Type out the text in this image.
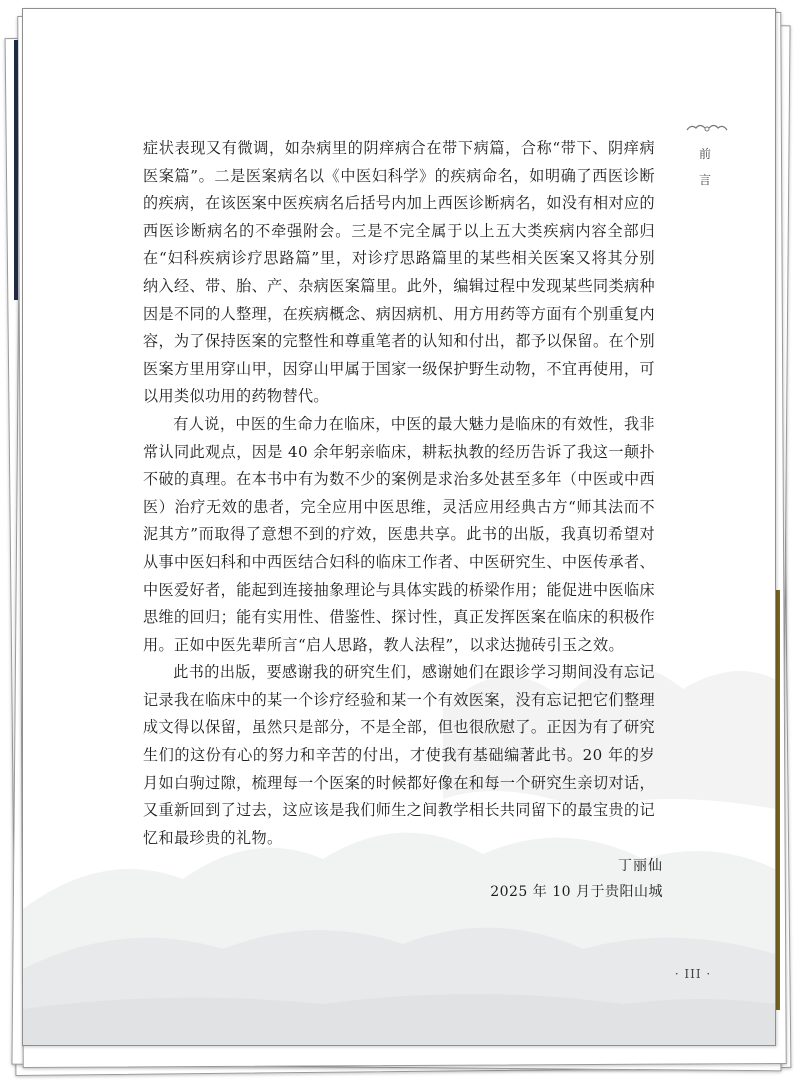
前言

症状表现又有微调，如杂病里的阴痒病合在带下病篇，合称“带下、阴痒病医案篇”。二是医案病名以《中医妇科学》的疾病命名，如明确了西医诊断的疾病，在该医案中医疾病名后括号内加上西医诊断病名，如没有相对应的西医诊断病名的不牵强附会。三是不完全属于以上五大类疾病内容全部归在“妇科疾病诊疗思路篇”里，对诊疗思路篇里的某些相关医案又将其分别纳入经、带、胎、产、杂病医案篇里。此外，编辑过程中发现某些同类病种因是不同的人整理，在疾病概念、病因病机、用方用药等方面有个别重复内容，为了保持医案的完整性和尊重笔者的认知和付出，都予以保留。在个别医案方里用穿山甲，因穿山甲属于国家一级保护野生动物，不宜再使用，可以用类似功用的药物替代。

有人说，中医的生命力在临床，中医的最大魅力是临床的有效性，我非常认同此观点，因是 40 余年躬亲临床，耕耘执教的经历告诉了我这一颠扑不破的真理。在本书中有为数不少的案例是求治多处甚至多年（中医或中西医）治疗无效的患者，完全应用中医思维，灵活应用经典古方“师其法而不泥其方”而取得了意想不到的疗效，医患共享。此书的出版，我真切希望对从事中医妇科和中西医结合妇科的临床工作者、中医研究生、中医传承者、中医爱好者，能起到连接抽象理论与具体实践的桥梁作用；能促进中医临床思维的回归；能有实用性、借鉴性、探讨性，真正发挥医案在临床的积极作用。正如中医先辈所言“启人思路，教人法程”，以求达抛砖引玉之效。

此书的出版，要感谢我的研究生们，感谢她们在跟诊学习期间没有忘记记录我在临床中的某一个诊疗经验和某一个有效医案，没有忘记把它们整理成文得以保留，虽然只是部分，不是全部，但也很欣慰了。正因为有了研究生们的这份有心的努力和辛苦的付出，才使我有基础编著此书。20 年的岁月如白驹过隙，梳理每一个医案的时候都好像在和每一个研究生亲切对话，又重新回到了过去，这应该是我们师生之间教学相长共同留下的最宝贵的记忆和最珍贵的礼物。

丁丽仙
2025 年 10 月于贵阳山城
· III ·
